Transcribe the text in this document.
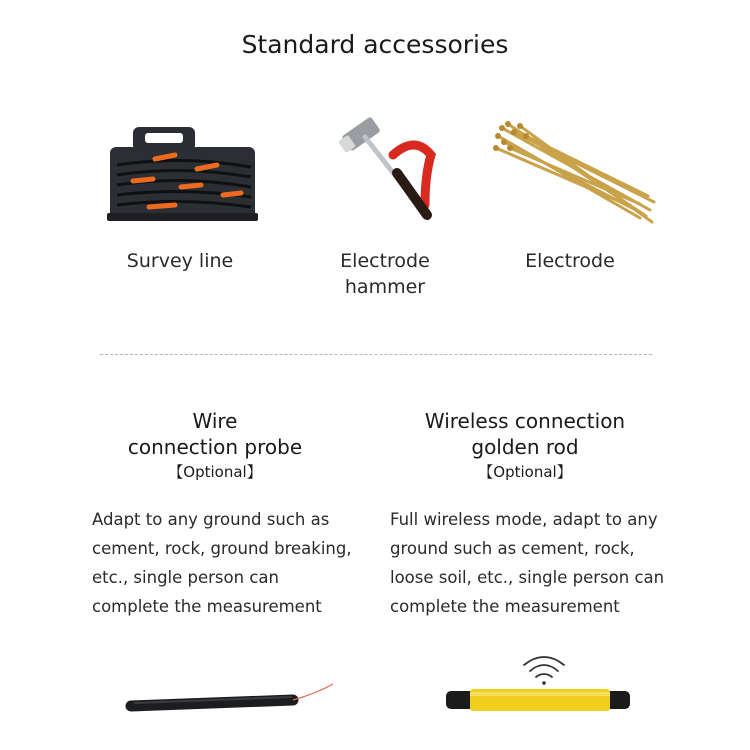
Standard accessories
Survey line	Electrode
hammer
Electrode
Wire
connection probe
【Optional】
Wireless connection
golden rod
【Optional】
Adapt to any ground such as
cement, rock, ground breaking,
etc., single person can
complete the measurement
Full wireless mode, adapt to any
ground such as cement, rock,
loose soil, etc., single person can
complete the measurement
